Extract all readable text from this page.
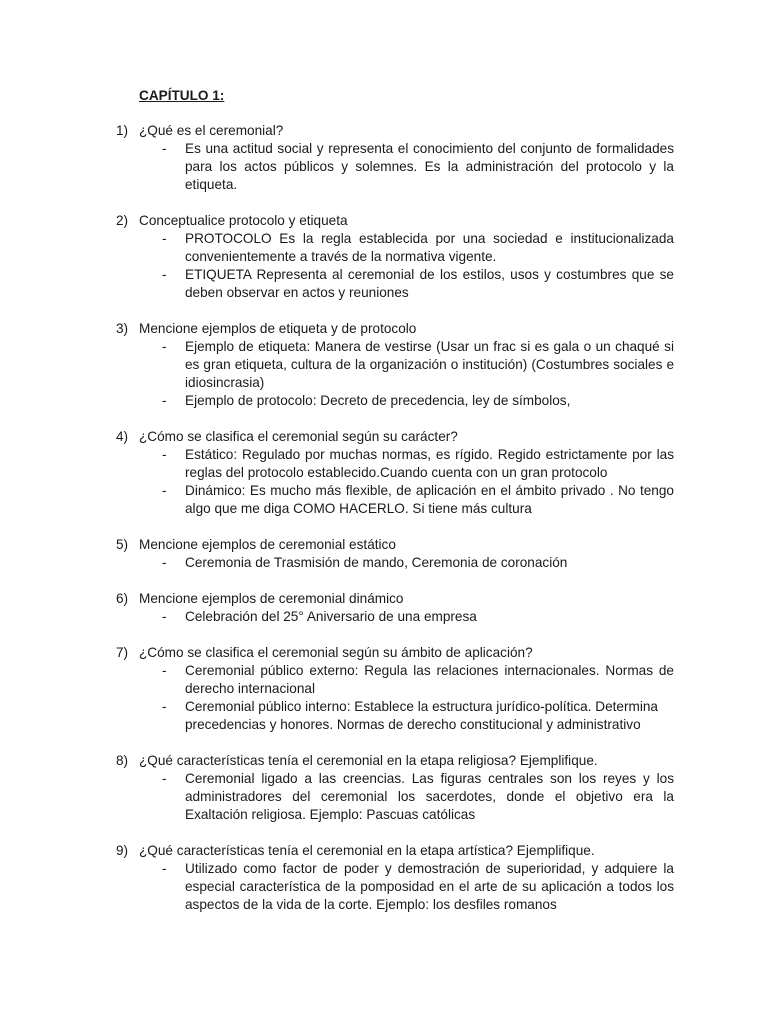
CAPÍTULO 1:
1) ¿Qué es el ceremonial?
- Es una actitud social y representa el conocimiento del conjunto de formalidades para los actos públicos y solemnes. Es la administración del protocolo y la etiqueta.
2) Conceptualice protocolo y etiqueta
- PROTOCOLO Es la regla establecida por una sociedad e institucionalizada convenientemente a través de la normativa vigente.
- ETIQUETA Representa al ceremonial de los estilos, usos y costumbres que se deben observar en actos y reuniones
3) Mencione ejemplos de etiqueta y de protocolo
- Ejemplo de etiqueta: Manera de vestirse (Usar un frac si es gala o un chaqué si es gran etiqueta, cultura de la organización o institución) (Costumbres sociales e idiosincrasia)
- Ejemplo de protocolo: Decreto de precedencia, ley de símbolos,
4) ¿Cómo se clasifica el ceremonial según su carácter?
- Estático: Regulado por muchas normas, es rígido. Regido estrictamente por las reglas del protocolo establecido.Cuando cuenta con un gran protocolo
- Dinámico: Es mucho más flexible, de aplicación en el ámbito privado . No tengo algo que me diga COMO HACERLO. Si tiene más cultura
5) Mencione ejemplos de ceremonial estático
- Ceremonia de Trasmisión de mando, Ceremonia de coronación
6) Mencione ejemplos de ceremonial dinámico
- Celebración del 25° Aniversario de una empresa
7) ¿Cómo se clasifica el ceremonial según su ámbito de aplicación?
- Ceremonial público externo: Regula las relaciones internacionales. Normas de derecho internacional
- Ceremonial público interno: Establece la estructura jurídico-política. Determina precedencias y honores. Normas de derecho constitucional y administrativo
8) ¿Qué características tenía el ceremonial en la etapa religiosa? Ejemplifique.
- Ceremonial ligado a las creencias. Las figuras centrales son los reyes y los administradores del ceremonial los sacerdotes, donde el objetivo era la Exaltación religiosa. Ejemplo: Pascuas católicas
9) ¿Qué características tenía el ceremonial en la etapa artística? Ejemplifique.
- Utilizado como factor de poder y demostración de superioridad, y adquiere la especial característica de la pomposidad en el arte de su aplicación a todos los aspectos de la vida de la corte. Ejemplo: los desfiles romanos
